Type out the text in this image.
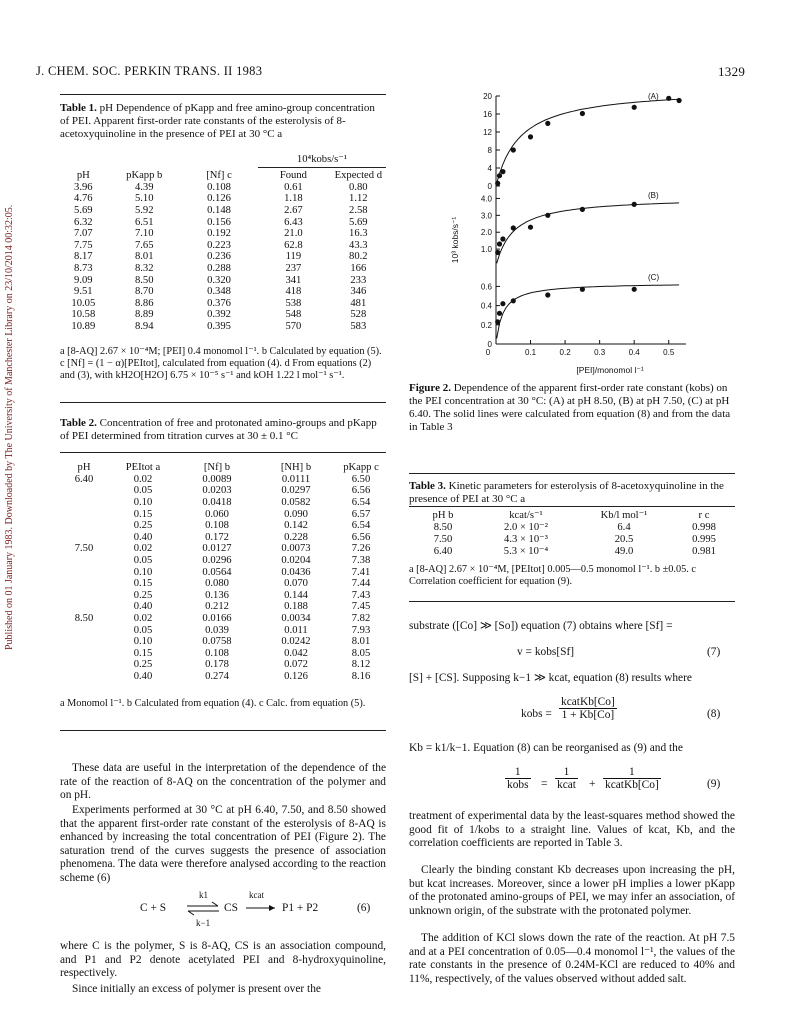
J. CHEM. SOC. PERKIN TRANS. II 1983	1329
Published on 01 January 1983. Downloaded by The University of Manchester Library on 23/10/2014 00:32:05.
Table 1. pH Dependence of pKapp and free amino-group concentration of PEI. Apparent first-order rate constants of the esterolysis of 8-acetoxyquinoline in the presence of PEI at 30 °C a
10⁴kobs/s⁻¹
pH	pKapp b	[Nf] c	Found	Expected d
3.96	4.39	0.108	0.61	0.80
4.76	5.10	0.126	1.18	1.12
5.69	5.92	0.148	2.67	2.58
6.32	6.51	0.156	6.43	5.69
7.07	7.10	0.192	21.0	16.3
7.75	7.65	0.223	62.8	43.3
8.17	8.01	0.236	119	80.2
8.73	8.32	0.288	237	166
9.09	8.50	0.320	341	233
9.51	8.70	0.348	418	346
10.05	8.86	0.376	538	481
10.58	8.89	0.392	548	528
10.89	8.94	0.395	570	583
a [8-AQ] 2.67 × 10⁻⁴M; [PEI] 0.4 monomol l⁻¹. b Calculated by equation (5). c [Nf] = (1 − α)[PEItot], calculated from equation (4). d From equations (2) and (3), with kH2O[H2O] 6.75 × 10⁻⁵ s⁻¹ and kOH 1.22 l mol⁻¹ s⁻¹.
Table 2. Concentration of free and protonated amino-groups and pKapp of PEI determined from titration curves at 30 ± 0.1 °C
pH	PEItot a	[Nf] b	[NH] b	pKapp c
6.40	0.02	0.0089	0.0111	6.50
	0.05	0.0203	0.0297	6.56
	0.10	0.0418	0.0582	6.54
	0.15	0.060	0.090	6.57
	0.25	0.108	0.142	6.54
	0.40	0.172	0.228	6.56
7.50	0.02	0.0127	0.0073	7.26
	0.05	0.0296	0.0204	7.38
	0.10	0.0564	0.0436	7.41
	0.15	0.080	0.070	7.44
	0.25	0.136	0.144	7.43
	0.40	0.212	0.188	7.45
8.50	0.02	0.0166	0.0034	7.82
	0.05	0.039	0.011	7.93
	0.10	0.0758	0.0242	8.01
	0.15	0.108	0.042	8.05
	0.25	0.178	0.072	8.12
	0.40	0.274	0.126	8.16
a Monomol l⁻¹. b Calculated from equation (4). c Calc. from equation (5).
These data are useful in the interpretation of the dependence of the rate of the reaction of 8-AQ on the concentration of the polymer and on pH.
Experiments performed at 30 °C at pH 6.40, 7.50, and 8.50 showed that the apparent first-order rate constant of the esterolysis of 8-AQ is enhanced by increasing the total concentration of PEI (Figure 2). The saturation trend of the curves suggests the presence of association phenomena. The data were therefore analysed according to the reaction scheme (6)
C + S
k1
k−1
CS
kcat
P1 + P2	(6)
where C is the polymer, S is 8-AQ, CS is an association compound, and P1 and P2 denote acetylated PEI and 8-hydroxyquinoline, respectively.
Since initially an excess of polymer is present over the
0
4
8
12
16
20	(A)
1.0
2.0
3.0
4.0	(B)
0
0.2
0.4
0.6
(C)
0	0.1	0.2	0.3	0.4	0.5
[PEI]/monomol l⁻¹
10³ kobs/s⁻¹
Figure 2. Dependence of the apparent first-order rate constant (kobs) on the PEI concentration at 30 °C: (A) at pH 8.50, (B) at pH 7.50, (C) at pH 6.40. The solid lines were calculated from equation (8) and from the data in Table 3
Table 3. Kinetic parameters for esterolysis of 8-acetoxyquinoline in the presence of PEI at 30 °C a
pH b	kcat/s⁻¹	Kb/l mol⁻¹	r c
8.50	2.0 × 10⁻²	6.4	0.998
7.50	4.3 × 10⁻³	20.5	0.995
6.40	5.3 × 10⁻⁴	49.0	0.981
a [8-AQ] 2.67 × 10⁻⁴M, [PEItot] 0.005—0.5 monomol l⁻¹. b ±0.05. c Correlation coefficient for equation (9).
substrate ([Co] ≫ [So]) equation (7) obtains where [Sf] =
v = kobs[Sf]	(7)
[S] + [CS]. Supposing k−1 ≫ kcat, equation (8) results where
kobs =
kcatKb[Co]
1 + Kb[Co]	(8)
Kb = k1/k−1. Equation (8) can be reorganised as (9) and the
1
kobs =
1
kcat +
1
kcatKb[Co]	(9)
treatment of experimental data by the least-squares method showed the good fit of 1/kobs to a straight line. Values of kcat, Kb, and the correlation coefficients are reported in Table 3.
Clearly the binding constant Kb decreases upon increasing the pH, but kcat increases. Moreover, since a lower pH implies a lower pKapp of the protonated amino-groups of PEI, we may infer an association, of unknown origin, of the substrate with the protonated polymer.
The addition of KCl slows down the rate of the reaction. At pH 7.5 and at a PEI concentration of 0.05—0.4 monomol l⁻¹, the values of the rate constants in the presence of 0.24M-KCl are reduced to 40% and 11%, respectively, of the values observed without added salt.
